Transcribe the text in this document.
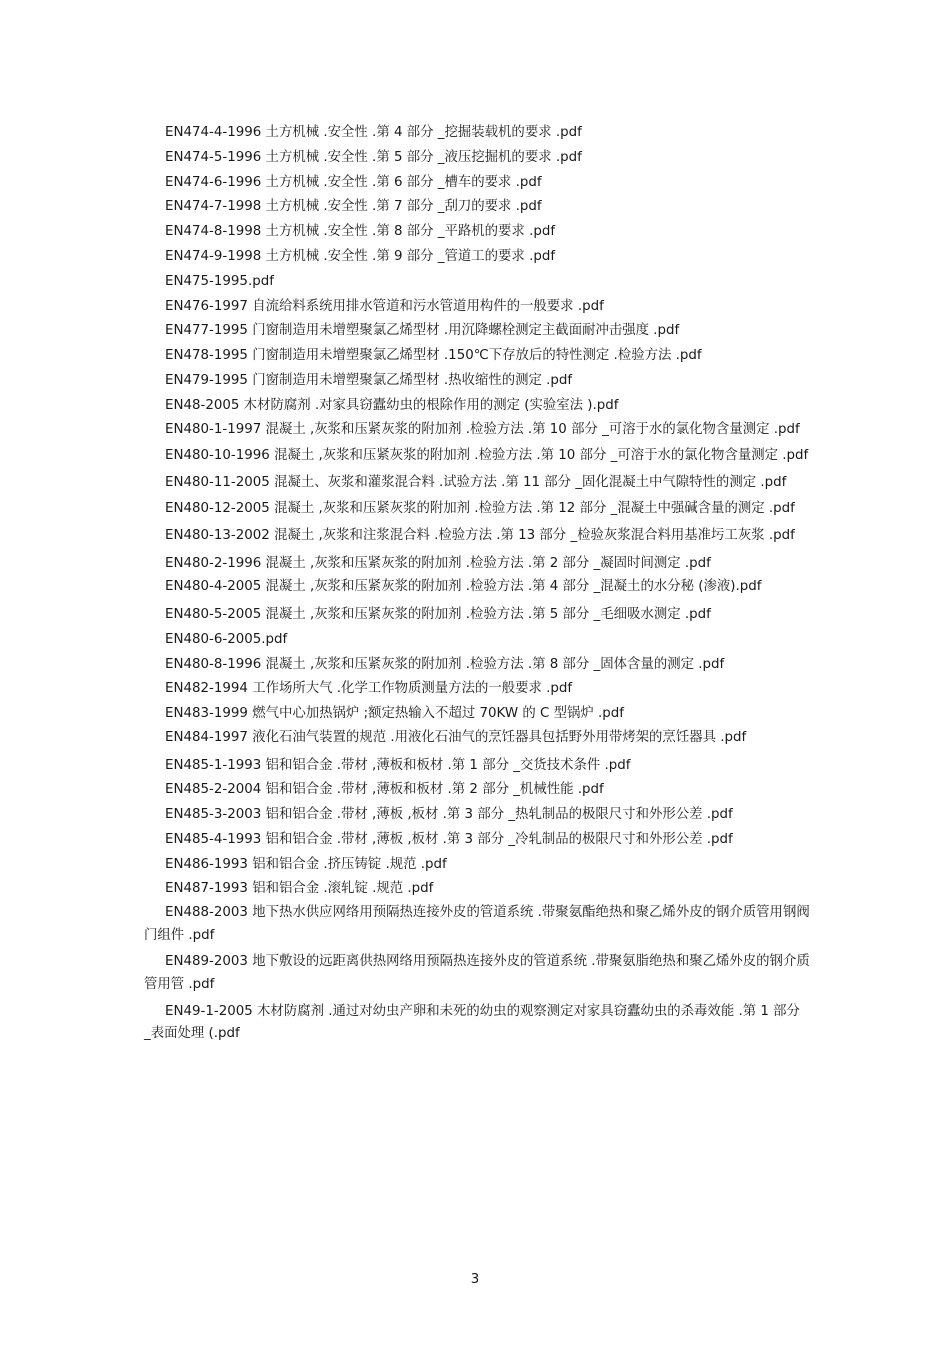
EN474-4-1996 土方机械 .安全性 .第 4 部分 _挖掘装载机的要求 .pdf

EN474-5-1996 土方机械 .安全性 .第 5 部分 _液压挖掘机的要求 .pdf

EN474-6-1996 土方机械 .安全性 .第 6 部分 _槽车的要求 .pdf

EN474-7-1998 土方机械 .安全性 .第 7 部分 _刮刀的要求 .pdf

EN474-8-1998 土方机械 .安全性 .第 8 部分 _平路机的要求 .pdf

EN474-9-1998 土方机械 .安全性 .第 9 部分 _管道工的要求 .pdf

EN475-1995.pdf

EN476-1997 自流给料系统用排水管道和污水管道用构件的一般要求 .pdf

EN477-1995 门窗制造用未增塑聚氯乙烯型材 .用沉降螺栓测定主截面耐冲击强度 .pdf

EN478-1995 门窗制造用未增塑聚氯乙烯型材 .150℃下存放后的特性测定 .检验方法 .pdf

EN479-1995 门窗制造用未增塑聚氯乙烯型材 .热收缩性的测定 .pdf

EN48-2005 木材防腐剂 .对家具窃蠹幼虫的根除作用的测定 (实验室法 ).pdf

EN480-1-1997 混凝土 ,灰浆和压紧灰浆的附加剂 .检验方法 .第 10 部分 _可溶于水的氯化物含量测定 .pdf

EN480-10-1996 混凝土 ,灰浆和压紧灰浆的附加剂 .检验方法 .第 10 部分 _可溶于水的氯化物含量测定 .pdf

EN480-11-2005 混凝土、灰浆和灌浆混合料 .试验方法 .第 11 部分 _固化混凝土中气隙特性的测定 .pdf

EN480-12-2005 混凝土 ,灰浆和压紧灰浆的附加剂 .检验方法 .第 12 部分 _混凝土中强碱含量的测定 .pdf

EN480-13-2002 混凝土 ,灰浆和注浆混合料 .检验方法 .第 13 部分 _检验灰浆混合料用基准圬工灰浆 .pdf

EN480-2-1996 混凝土 ,灰浆和压紧灰浆的附加剂 .检验方法 .第 2 部分 _凝固时间测定 .pdf

EN480-4-2005 混凝土 ,灰浆和压紧灰浆的附加剂 .检验方法 .第 4 部分 _混凝土的水分秘 (渗液).pdf

EN480-5-2005 混凝土 ,灰浆和压紧灰浆的附加剂 .检验方法 .第 5 部分 _毛细吸水测定 .pdf

EN480-6-2005.pdf

EN480-8-1996 混凝土 ,灰浆和压紧灰浆的附加剂 .检验方法 .第 8 部分 _固体含量的测定 .pdf

EN482-1994 工作场所大气 .化学工作物质测量方法的一般要求 .pdf

EN483-1999 燃气中心加热锅炉 ;额定热输入不超过 70KW 的 C 型锅炉 .pdf

EN484-1997 液化石油气装置的规范 .用液化石油气的烹饪器具包括野外用带烤架的烹饪器具 .pdf

EN485-1-1993 铝和铝合金 .带材 ,薄板和板材 .第 1 部分 _交货技术条件 .pdf

EN485-2-2004 铝和铝合金 .带材 ,薄板和板材 .第 2 部分 _机械性能 .pdf

EN485-3-2003 铝和铝合金 .带材 ,薄板 ,板材 .第 3 部分 _热轧制品的极限尺寸和外形公差 .pdf

EN485-4-1993 铝和铝合金 .带材 ,薄板 ,板材 .第 3 部分 _冷轧制品的极限尺寸和外形公差 .pdf

EN486-1993 铝和铝合金 .挤压铸锭 .规范 .pdf

EN487-1993 铝和铝合金 .滚轧锭 .规范 .pdf

EN488-2003 地下热水供应网络用预隔热连接外皮的管道系统 .带聚氨酯绝热和聚乙烯外皮的钢介质管用钢阀门组件 .pdf

EN489-2003 地下敷设的远距离供热网络用预隔热连接外皮的管道系统 .带聚氨脂绝热和聚乙烯外皮的钢介质管用管 .pdf

EN49-1-2005 木材防腐剂 .通过对幼虫产卵和未死的幼虫的观察测定对家具窃蠹幼虫的杀毒效能 .第 1 部分 _表面处理 (.pdf

3
